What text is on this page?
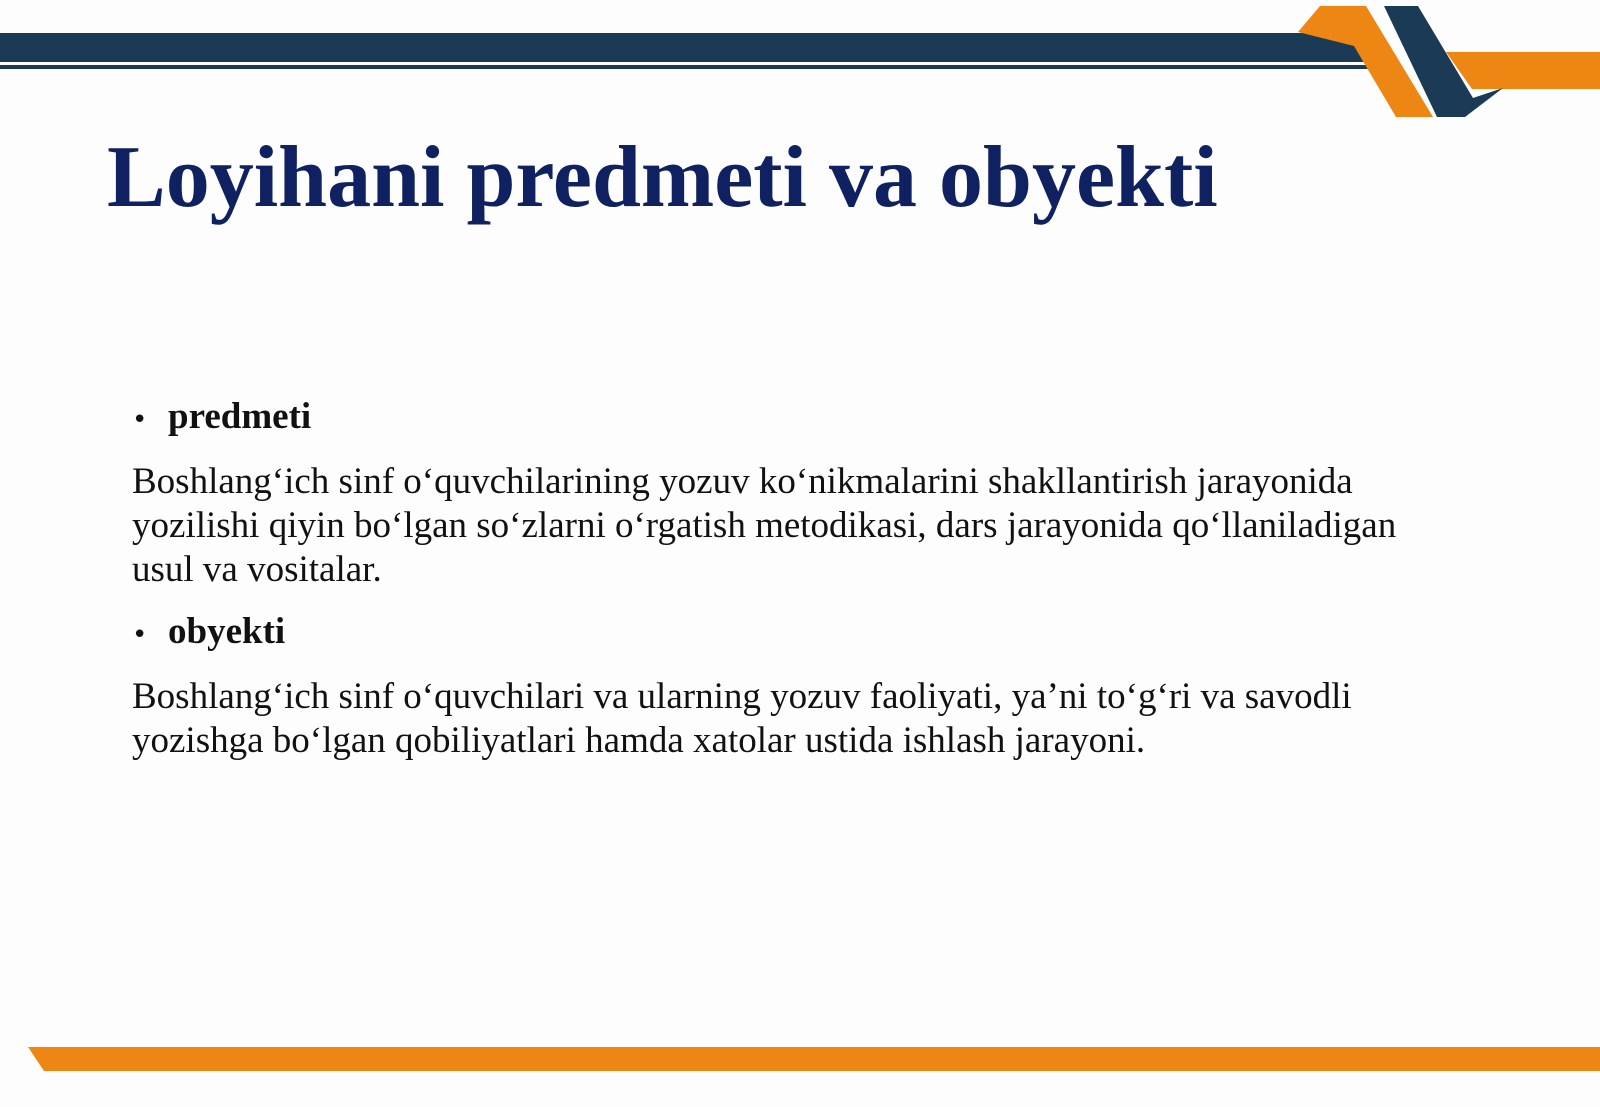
Loyihani predmeti va obyekti
• predmeti

Boshlang‘ich sinf o‘quvchilarining yozuv ko‘nikmalarini shakllantirish jarayonida yozilishi qiyin bo‘lgan so‘zlarni o‘rgatish metodikasi, dars jarayonida qo‘llaniladigan usul va vositalar.

• obyekti

Boshlang‘ich sinf o‘quvchilari va ularning yozuv faoliyati, ya’ni to‘g‘ri va savodli yozishga bo‘lgan qobiliyatlari hamda xatolar ustida ishlash jarayoni.
